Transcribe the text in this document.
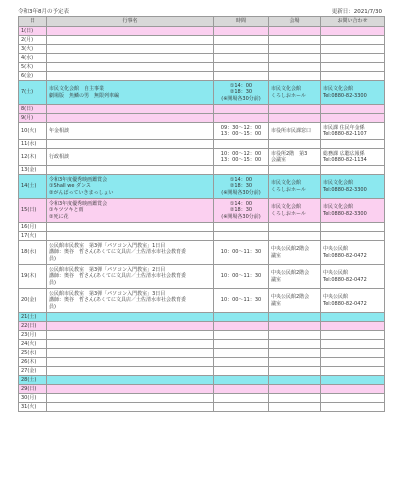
令和3年8月の予定表	更新日：2021/7/30
日	行事名	時間	会場	お問い合わせ
1(日)				
2(月)				
3(火)				
4(水)				
5(木)				
6(金)				
7(土)	市民文化会館　自主事業
劇場版　魚鱗の男　無限列車編	①14：00
②18：30
(※開場各30分前)	市民文化会館
くろしおホール	市民文化会館
Tel:0880-82-3300

8(日)				
9(月)				
10(火)	年金相談	09：30～12：00
13：00～15：00	市役所市民課窓口	市民課 住民年金係
Tel:0880-82-1107

11(水)				
12(木)	行政相談	10：00～12：00
13：00～15：00	市役所2階　第3
会議室	総務課 広聴広報係
Tel:0880-82-1134

13(金)				
14(土)	令和3年度優秀映画鑑賞会
①Shall we ダンス
②がんばっていきまっしょい	①14：00
②18：30
(※開場各30分前)	市民文化会館
くろしおホール	市民文化会館
Tel:0880-82-3300

15(日)	令和3年度優秀映画鑑賞会
①キツツキと雨
②死に花	①14：00
②18：30
(※開場各30分前)	市民文化会館
くろしおホール	市民文化会館
Tel:0880-82-3300

16(月)				
17(火)				
18(水)	公民館市民教室　第3弾「パソコン入門教室」1日目
講師：奥谷　哲さん(あくてに文具店／土佐清水市社会教育委
員)	10：00～11：30	中央公民館2階会
議室	中央公民館
Tel:0880-82-0472

19(木)	公民館市民教室　第3弾「パソコン入門教室」2日目
講師：奥谷　哲さん(あくてに文具店／土佐清水市社会教育委
員)	10：00～11：30	中央公民館2階会
議室	中央公民館
Tel:0880-82-0472

20(金)	公民館市民教室　第3弾「パソコン入門教室」3日目
講師：奥谷　哲さん(あくてに文具店／土佐清水市社会教育委
員)	10：00～11：30	中央公民館2階会
議室	中央公民館
Tel:0880-82-0472

21(土)				
22(日)				
23(月)				
24(火)				
25(水)				
26(木)				
27(金)				
28(土)				
29(日)				
30(月)				
31(火)				
